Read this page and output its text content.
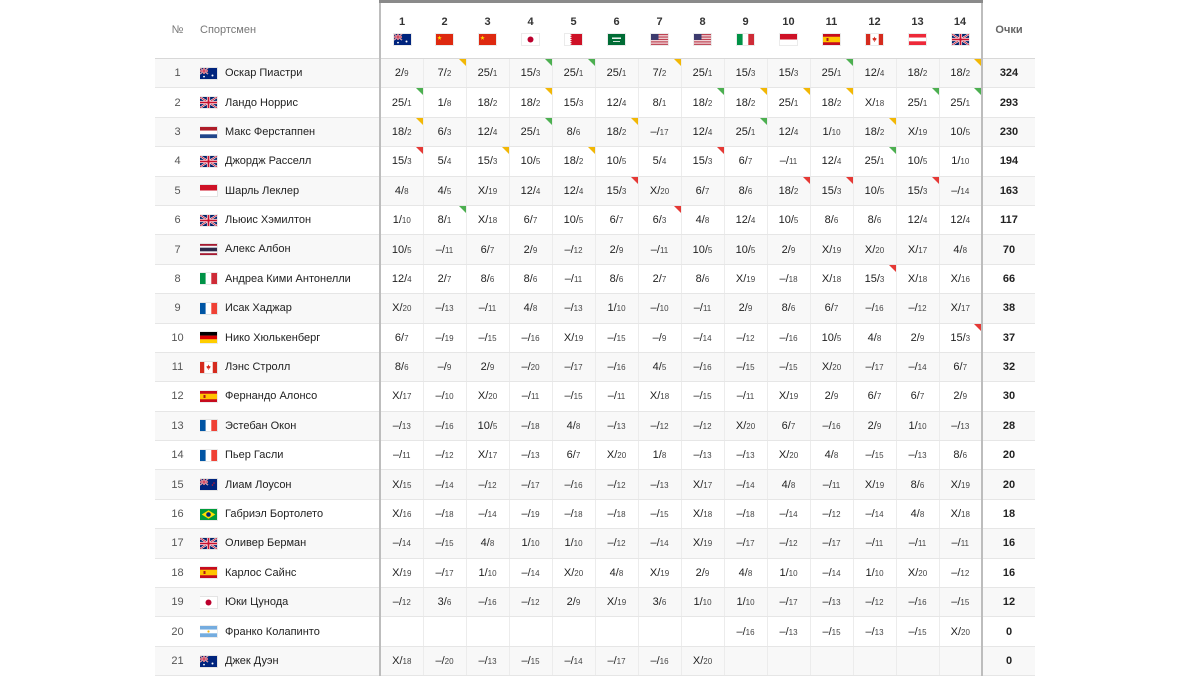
№	Спортсмен	1	2	3	4	5	6	7	8	9	10	11	12	13	14	Очки
1	Оскар Пиастри	2/9	7/2	25/1	15/3	25/1	25/1	7/2	25/1	15/3	15/3	25/1	12/4	18/2	18/2	324
2	Ландо Норрис	25/1	1/8	18/2	18/2	15/3	12/4	8/1	18/2	18/2	25/1	18/2	X/18	25/1	25/1	293
3	Макс Ферстаппен	18/2	6/3	12/4	25/1	8/6	18/2	–/17	12/4	25/1	12/4	1/10	18/2	X/19	10/5	230
4	Джордж Расселл	15/3	5/4	15/3	10/5	18/2	10/5	5/4	15/3	6/7	–/11	12/4	25/1	10/5	1/10	194
5	Шарль Леклер	4/8	4/5	X/19	12/4	12/4	15/3	X/20	6/7	8/6	18/2	15/3	10/5	15/3	–/14	163
6	Льюис Хэмилтон	1/10	8/1	X/18	6/7	10/5	6/7	6/3	4/8	12/4	10/5	8/6	8/6	12/4	12/4	117
7	Алекс Албон	10/5	–/11	6/7	2/9	–/12	2/9	–/11	10/5	10/5	2/9	X/19	X/20	X/17	4/8	70
8	Андреа Кими Антонелли	12/4	2/7	8/6	8/6	–/11	8/6	2/7	8/6	X/19	–/18	X/18	15/3	X/18	X/16	66
9	Исак Хаджар	X/20	–/13	–/11	4/8	–/13	1/10	–/10	–/11	2/9	8/6	6/7	–/16	–/12	X/17	38
10	Нико Хюлькенберг	6/7	–/19	–/15	–/16	X/19	–/15	–/9	–/14	–/12	–/16	10/5	4/8	2/9	15/3	37
11	Лэнс Стролл	8/6	–/9	2/9	–/20	–/17	–/16	4/5	–/16	–/15	–/15	X/20	–/17	–/14	6/7	32
12	Фернандо Алонсо	X/17	–/10	X/20	–/11	–/15	–/11	X/18	–/15	–/11	X/19	2/9	6/7	6/7	2/9	30
13	Эстебан Окон	–/13	–/16	10/5	–/18	4/8	–/13	–/12	–/12	X/20	6/7	–/16	2/9	1/10	–/13	28
14	Пьер Гасли	–/11	–/12	X/17	–/13	6/7	X/20	1/8	–/13	–/13	X/20	4/8	–/15	–/13	8/6	20
15	Лиам Лоусон	X/15	–/14	–/12	–/17	–/16	–/12	–/13	X/17	–/14	4/8	–/11	X/19	8/6	X/19	20
16	Габриэл Бортолето	X/16	–/18	–/14	–/19	–/18	–/18	–/15	X/18	–/18	–/14	–/12	–/14	4/8	X/18	18
17	Оливер Берман	–/14	–/15	4/8	1/10	1/10	–/12	–/14	X/19	–/17	–/12	–/17	–/11	–/11	–/11	16
18	Карлос Сайнс	X/19	–/17	1/10	–/14	X/20	4/8	X/19	2/9	4/8	1/10	–/14	1/10	X/20	–/12	16
19	Юки Цунода	–/12	3/6	–/16	–/12	2/9	X/19	3/6	1/10	1/10	–/17	–/13	–/12	–/16	–/15	12
20	Франко Колапинто									–/16	–/13	–/15	–/13	–/15	X/20	0
21	Джек Дуэн	X/18	–/20	–/13	–/15	–/14	–/17	–/16	X/20							0
